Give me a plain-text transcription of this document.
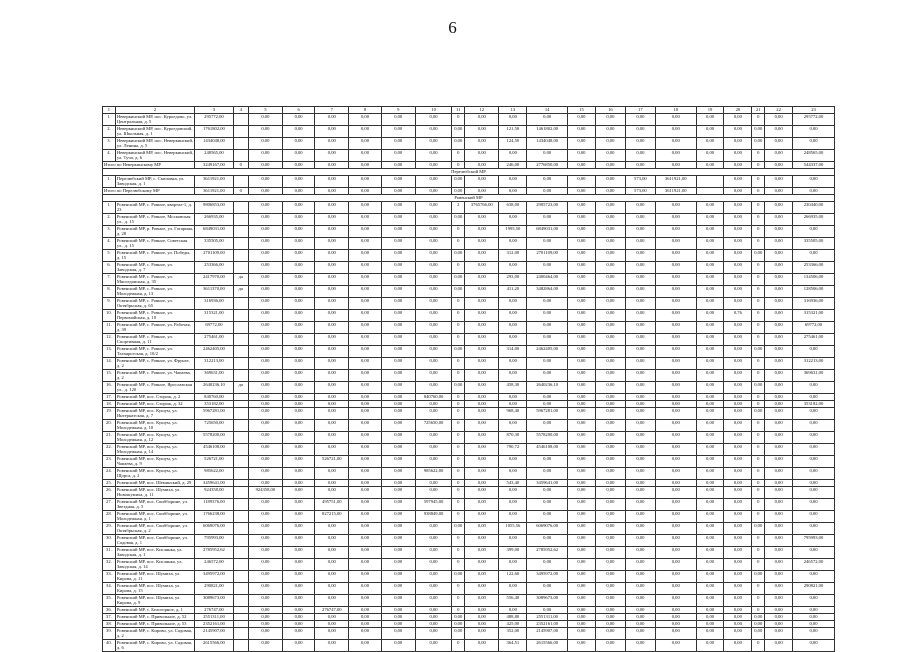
6
1	2	3	4	5	6	7	8	9	10	11	12	13	14	15	16	17	18	19	20	21	22	23
1.	Неверкинский МР, пос. Куроедово, ул. Центральная, д. 5	295772,00		0,00	0,00	0,00	0,00	0,00	0,00	0	0,00	0,00	0,00	0,00	0,00	0,00	0,00	0,00	0,00	0	0,00	295772,00
2.	Неверкинский МР, пос. Куроедовский, ул. Школьная, д. 1	1761802,00		0,00	0,00	0,00	0,00	0,00	0,00	0,00	0,00	121,50	1461802,00	0,00	0,00	0,00	0,00	0,00	0,00	0,00	0,00	0,00
3.	Неверкинский МР, пос. Неверкинский, ул. Ленина, д. 5	1434048,00		0,00	0,00	0,00	0,00	0,00	0,00	0,00	0,00	124,50	1434048,00	0,00	0,00	0,00	0,00	0,00	0,00	0,00	0,00	0,00
4.	Неверкинский МР, пос. Неверкинский, ул. Туча, д. 6	248565,00		0,00	0,00	0,00	0,00	0,00	0,00	0	0,00	0,00	0,00	0,00	0,00	0,00	0,00	0,00	0,00	0	0,00	248565,00
Итого по Неверкинскому МР		3249167,00	0	0,00	0,00	0,00	0,00	0,00	0,00	0	0,00	246,00	2776850,00	0,00	0,00	0,00	0,00	0,00	0,00	0	0,00	544337,00
Перелюбский МР																						
1.	Перелюбский МР, с. Смеловка, ул. Заводская, д. 1	3611921,00		0,00	0,00	0,00	0,00	0,00	0,00	0,00	0,00	0,00	0,00	0,00	0,00	573,00	3611921,00		0,00	0	0,00	0,00
Итого по Перелюбскому МР		3611921,00	0	0,00	0,00	0,00	0,00	0,00	0,00	0,00	0,00	0,00	0,00	0,00	0,00	573,00	3611921,00		0,00	0	0,00	0,00
Ровенский МР																						
1.	Ровенский МР, с. Ровное, квартал-1, д. 23	9806853,00		0,00	0,00	0,00	0,00	0,00	0,00	2	3765766,00	638,00	2905723,00	0,00	0,00	0,00	0,00	0,00	0,00	0	0,00	230440,00
2.	Ровенский МР, с. Ровное, Московская ул., д. 15	266935,00		0,00	0,00	0,00	0,00	0,00	0,00	0,00	0,00	0,00	0,00	0,00	0,00	0,00	0,00	0,00	0,00	0	0,00	266935,00
3.	Ровенский МР, р. Ровное, ул. Гагарина, д. 28	6849031,00		0,00	0,00	0,00	0,00	0,00	0,00	0	0,00	1995,50	6849031,00	0,00	0,00	0,00	0,00	0,00	0,00	0	0,00	0,00
4.	Ровенский МР, с. Ровное, Советская ул., д. 15	335505,00		0,00	0,00	0,00	0,00	0,00	0,00	0	0,00	0,00	0,00	0,00	0,00	0,00	0,00	0,00	0,00	0	0,00	335505,00
5.	Ровенский МР, с. Ровное, ул. Победы, д. 15	2701109,00		0,00	0,00	0,00	0,00	0,00	0,00	0,00	0,00	312,00	2701109,00	0,00	0,00	0,00	0,00	0,00	0,00	0,00	0,00	0,00
6.	Ровенский МР, с. Ровное, ул. Заводская, д. 7	253366,00		0,00	0,00	0,00	0,00	0,00	0,00	0	0,00	0,00	0,00	0,00	0,00	0,00	0,00	0,00	0,00	0	0,00	253366,00
7.	Ровенский МР, с. Ровное, ул. Мясоедовская, д. 35	2417970,00	да	0,00	0,00	0,00	0,00	0,00	0,00	0,00	0,00	293,00	2400464,00	0,00	0,00	0,00	0,00	0,00	0,00	0	0,00	134506,00
8.	Ровенский МР, с. Ровное, ул. Молодежная, д. 13	3611370,00	да	0,00	0,00	0,00	0,00	0,00	0,00	0,00	0,00	411,20	3482864,00	0,00	0,00	0,00	0,00	0,00	0,00	0	0,00	128506,00
9.	Ровенский МР, с. Ровное, ул. Октябрьская, д. 65	316936,00		0,00	0,00	0,00	0,00	0,00	0,00	0	0,00	0,00	0,00	0,00	0,00	0,00	0,00	0,00	0,00	0	0,00	316936,00
10.	Ровенский МР, с. Ровное, ул. Первомайская, д. 10	315321,00		0,00	0,00	0,00	0,00	0,00	0,00	0	0,00	0,00	0,00	0,00	0,00	0,00	0,00	0,00	0,76	0	0,00	315321,00
11.	Ровенский МР, с. Ровное, ул. Рабочая, д. 39	69772,00		0,00	0,00	0,00	0,00	0,00	0,00	0	0,00	0,00	0,00	0,00	0,00	0,00	0,00	0,00	0,00	0	0,00	69772,00
12.	Ровенский МР, с. Ровное, ул. Спортивная, д. 11	275461,00		0,00	0,00	0,00	0,00	0,00	0,00	0	0,00	0,00	0,00	0,00	0,00	0,00	0,00	0,00	0,00	0	0,00	275461,00
13.	Ровенский МР, с. Ровное, ул. Таганрогская, д. 10/2	2462405,00		0,00	0,00	0,00	0,00	0,00	0,00	0,00	0,00	314,00	2462405,00	0,00	0,00	0,00	0,00	0,00	0,00	0,00	0,00	0,00
14.	Ровенский МР, с. Ровное, ул. Фрунзе, д. 2	312213,00		0,00	0,00	0,00	0,00	0,00	0,00	0	0,00	0,00	0,00	0,00	0,00	0,00	0,00	0,00	0,00	0	0,00	312213,00
15.	Ровенский МР, с. Ровное, ул. Чапаева, д. 2	369631,00		0,00	0,00	0,00	0,00	0,00	0,00	0	0,00	0,00	0,00	0,00	0,00	0,00	0,00	0,00	0,00	0	0,00	369631,00
16.	Ровенский МР, с. Ровное, Ярославская ул., д. 120	2640236,10	да	0,00	0,00	0,00	0,00	0,00	0,00	0,00	0,00	458,30	2640236,10	0,00	0,00	0,00	0,00	0,00	0,00	0,00	0,00	0,00
17.	Ровенский МР, пос. Сторож, д. 2	840760,00		0,00	0,00	0,00	0,00	0,00	840760,00	0	0,00	0,00	0,00	0,00	0,00	0,00	0,00	0,00	0,00	0	0,00	0,00
18.	Ровенский МР, пос. Сторож, д. 32	353182,00		0,00	0,00	0,00	0,00	0,00	0,00	0	0,00	0,00	0,00	0,00	0,00	0,00	0,00	0,00	0,00	0	0,00	353182,00
19.	Ровенский МР, пос. Кушум, ул. Интернатская, д. 7	5967281,00		0,00	0,00	0,00	0,00	0,00	0,00	0	0,00	968,40	5967281,00	0,00	0,00	0,00	0,00	0,00	0,00	0,00	0,00	0,00
20.	Ровенский МР, пос. Кушум, ул. Молодежная, д. 10	725650,00		0,00	0,00	0,00	0,00	0,00	725650,00	0	0,00	0,00	0,00	0,00	0,00	0,00	0,00	0,00	0,00	0	0,00	0,00
21.	Ровенский МР, пос. Кушум, ул. Молодежная, д. 12	5578200,00		0,00	0,00	0,00	0,00	0,00	0,00	0	0,00	870,30	5578200,00	0,00	0,00	0,00	0,00	0,00	0,00	0	0,00	0,00
22.	Ровенский МР, пос. Кушум, ул. Молодежная, д. 14	4546108,00		0,00	0,00	0,00	0,00	0,00	0,00	0	0,00	790,72	4546108,00	0,00	0,00	0,00	0,00	0,00	0,00	0	0,00	0,00
23.	Ровенский МР, пос. Кушум, ул. Чапаева, д. 9	526721,00		0,00	0,00	526721,00	0,00	0,00	0,00	0	0,00	0,00	0,00	0,00	0,00	0,00	0,00	0,00	0,00	0	0,00	0,00
24.	Ровенский МР, пос. Кушум, ул. Щорса, д. 2	985622,00		0,00	0,00	0,00	0,00	0,00	985622,00	0	0,00	0,00	0,00	0,00	0,00	0,00	0,00	0,00	0,00	0	0,00	0,00
25.	Ровенский МР, пос. Шеминский, д. 29	3459641,00		0,00	0,00	0,00	0,00	0,00	0,00	0	0,00	543,40	3459641,00	0,00	0,00	0,00	0,00	0,00	0,00	0	0,00	0,00
26.	Ровенский МР, пос. Шумиха, ул. Новошумиха, д. 11	924358,00		924358,00	0,00	0,00	0,00	0,00	0,00	0	0,00	0,00	0,00	0,00	0,00	0,00	0,00	0,00	0,00	0	0,00	0,00
27.	Ровенский МР, пос. Скибборине, ул. Звездная, д. 5	1189376,00		0,00	0,00	495751,00	0,00	0,00	597945,00	0	0,00	0,00	0,00	0,00	0,00	0,00	0,00	0,00	0,00	0	0,00	0,00
28.	Ровенский МР, пос. Скибборине, ул. Молодежная, д. 1	1766238,00		0,00	0,00	827215,00	0,00	0,00	938849,00	0	0,00	0,00	0,00	0,00	0,00	0,00	0,00	0,00	0,00	0	0,00	0,00
29.	Ровенский МР, пос. Скибборине, ул. Октябрьская, д. 2	6069076,00		0,00	0,00	0,00	0,00	0,00	0,00	0,00	0,00	1055,56	6069076,00	0,00	0,00	0,00	0,00	0,00	0,00	0,00	0,00	0,00
30.	Ровенский МР, пос. Скибборине, ул. Садовая, д. 1	795993,00		0,00	0,00	0,00	0,00	0,00	0,00	0	0,00	0,00	0,00	0,00	0,00	0,00	0,00	0,00	0,00	0	0,00	795993,00
31.	Ровенский МР, пос. Кислянка, ул. Заводская, д. 1	2785952,62		0,00	0,00	0,00	0,00	0,00	0,00	0	0,00	399,00	2785952,62	0,00	0,00	0,00	0,00	0,00	0,00	0	0,00	0,00
32.	Ровенский МР, пос. Кислянка, ул. Заводская, д. 14	246572,00		0,00	0,00	0,00	0,00	0,00	0,00	0	0,00	0,00	0,00	0,00	0,00	0,00	0,00	0,00	0,00	0	0,00	246572,00
33.	Ровенский МР, пос. Шумиха, ул. Кирова, д. 11	3495972,00		0,00	0,00	0,00	0,00	0,00	0,00	0,00	0,00	122,60	3495972,00	0,00	0,00	0,00	0,00	0,00	0,00	0,00	0,00	0,00
34.	Ровенский МР, пос. Шумиха, ул. Кирова, д. 15	290821,00		0,00	0,00	0,00	0,00	0,00	0,00	0	0,00	0,00	0,00	0,00	0,00	0,00	0,00	0,00	0,00	0	0,00	290821,00
35.	Ровенский МР, пос. Шумиха, ул. Кирова, д. 9	3089673,00		0,00	0,00	0,00	0,00	0,00	0,00	0	0,00	556,40	3089673,00	0,00	0,00	0,00	0,00	0,00	0,00	0	0,00	0,00
36.	Ровенский МР, с. Белогорное, д. 1	276747,00		0,00	0,00	276747,00	0,00	0,00	0,00	0	0,00	0,00	0,00	0,00	0,00	0,00	0,00	0,00	0,00	0	0,00	0,00
37.	Ровенский МР, с. Привольное, д. 52	2551311,00		0,00	0,00	0,00	0,00	0,00	0,00	0,00	0,00	488,80	2551311,00	0,00	0,00	0,00	0,00	0,00	0,00	0,00	0,00	0,00
38.	Ровенский МР, с. Привольное, д. 53	2352161,00		0,00	0,00	0,00	0,00	0,00	0,00	0,00	0,00	425,00	2352161,00	0,00	0,00	0,00	0,00	0,00	0,00	0,00	0,00	0,00
39.	Ровенский МР, с. Кирово, ул. Садовая, д. 2	2145907,00		0,00	0,00	0,00	0,00	0,00	0,00	0,00	0,00	352,00	2145907,00	0,00	0,00	0,00	0,00	0,00	0,00	0,00	0,00	0,00
40.	Ровенский МР, с. Кирово, ул. Садовая, д. 6	2615566,00		0,00	0,00	0,00	0,00	0,00	0,00	0	0,00	364,51	2615566,00	0,00	0,00	0,00	0,00	0,00	0,00	0	0,00	0,00
